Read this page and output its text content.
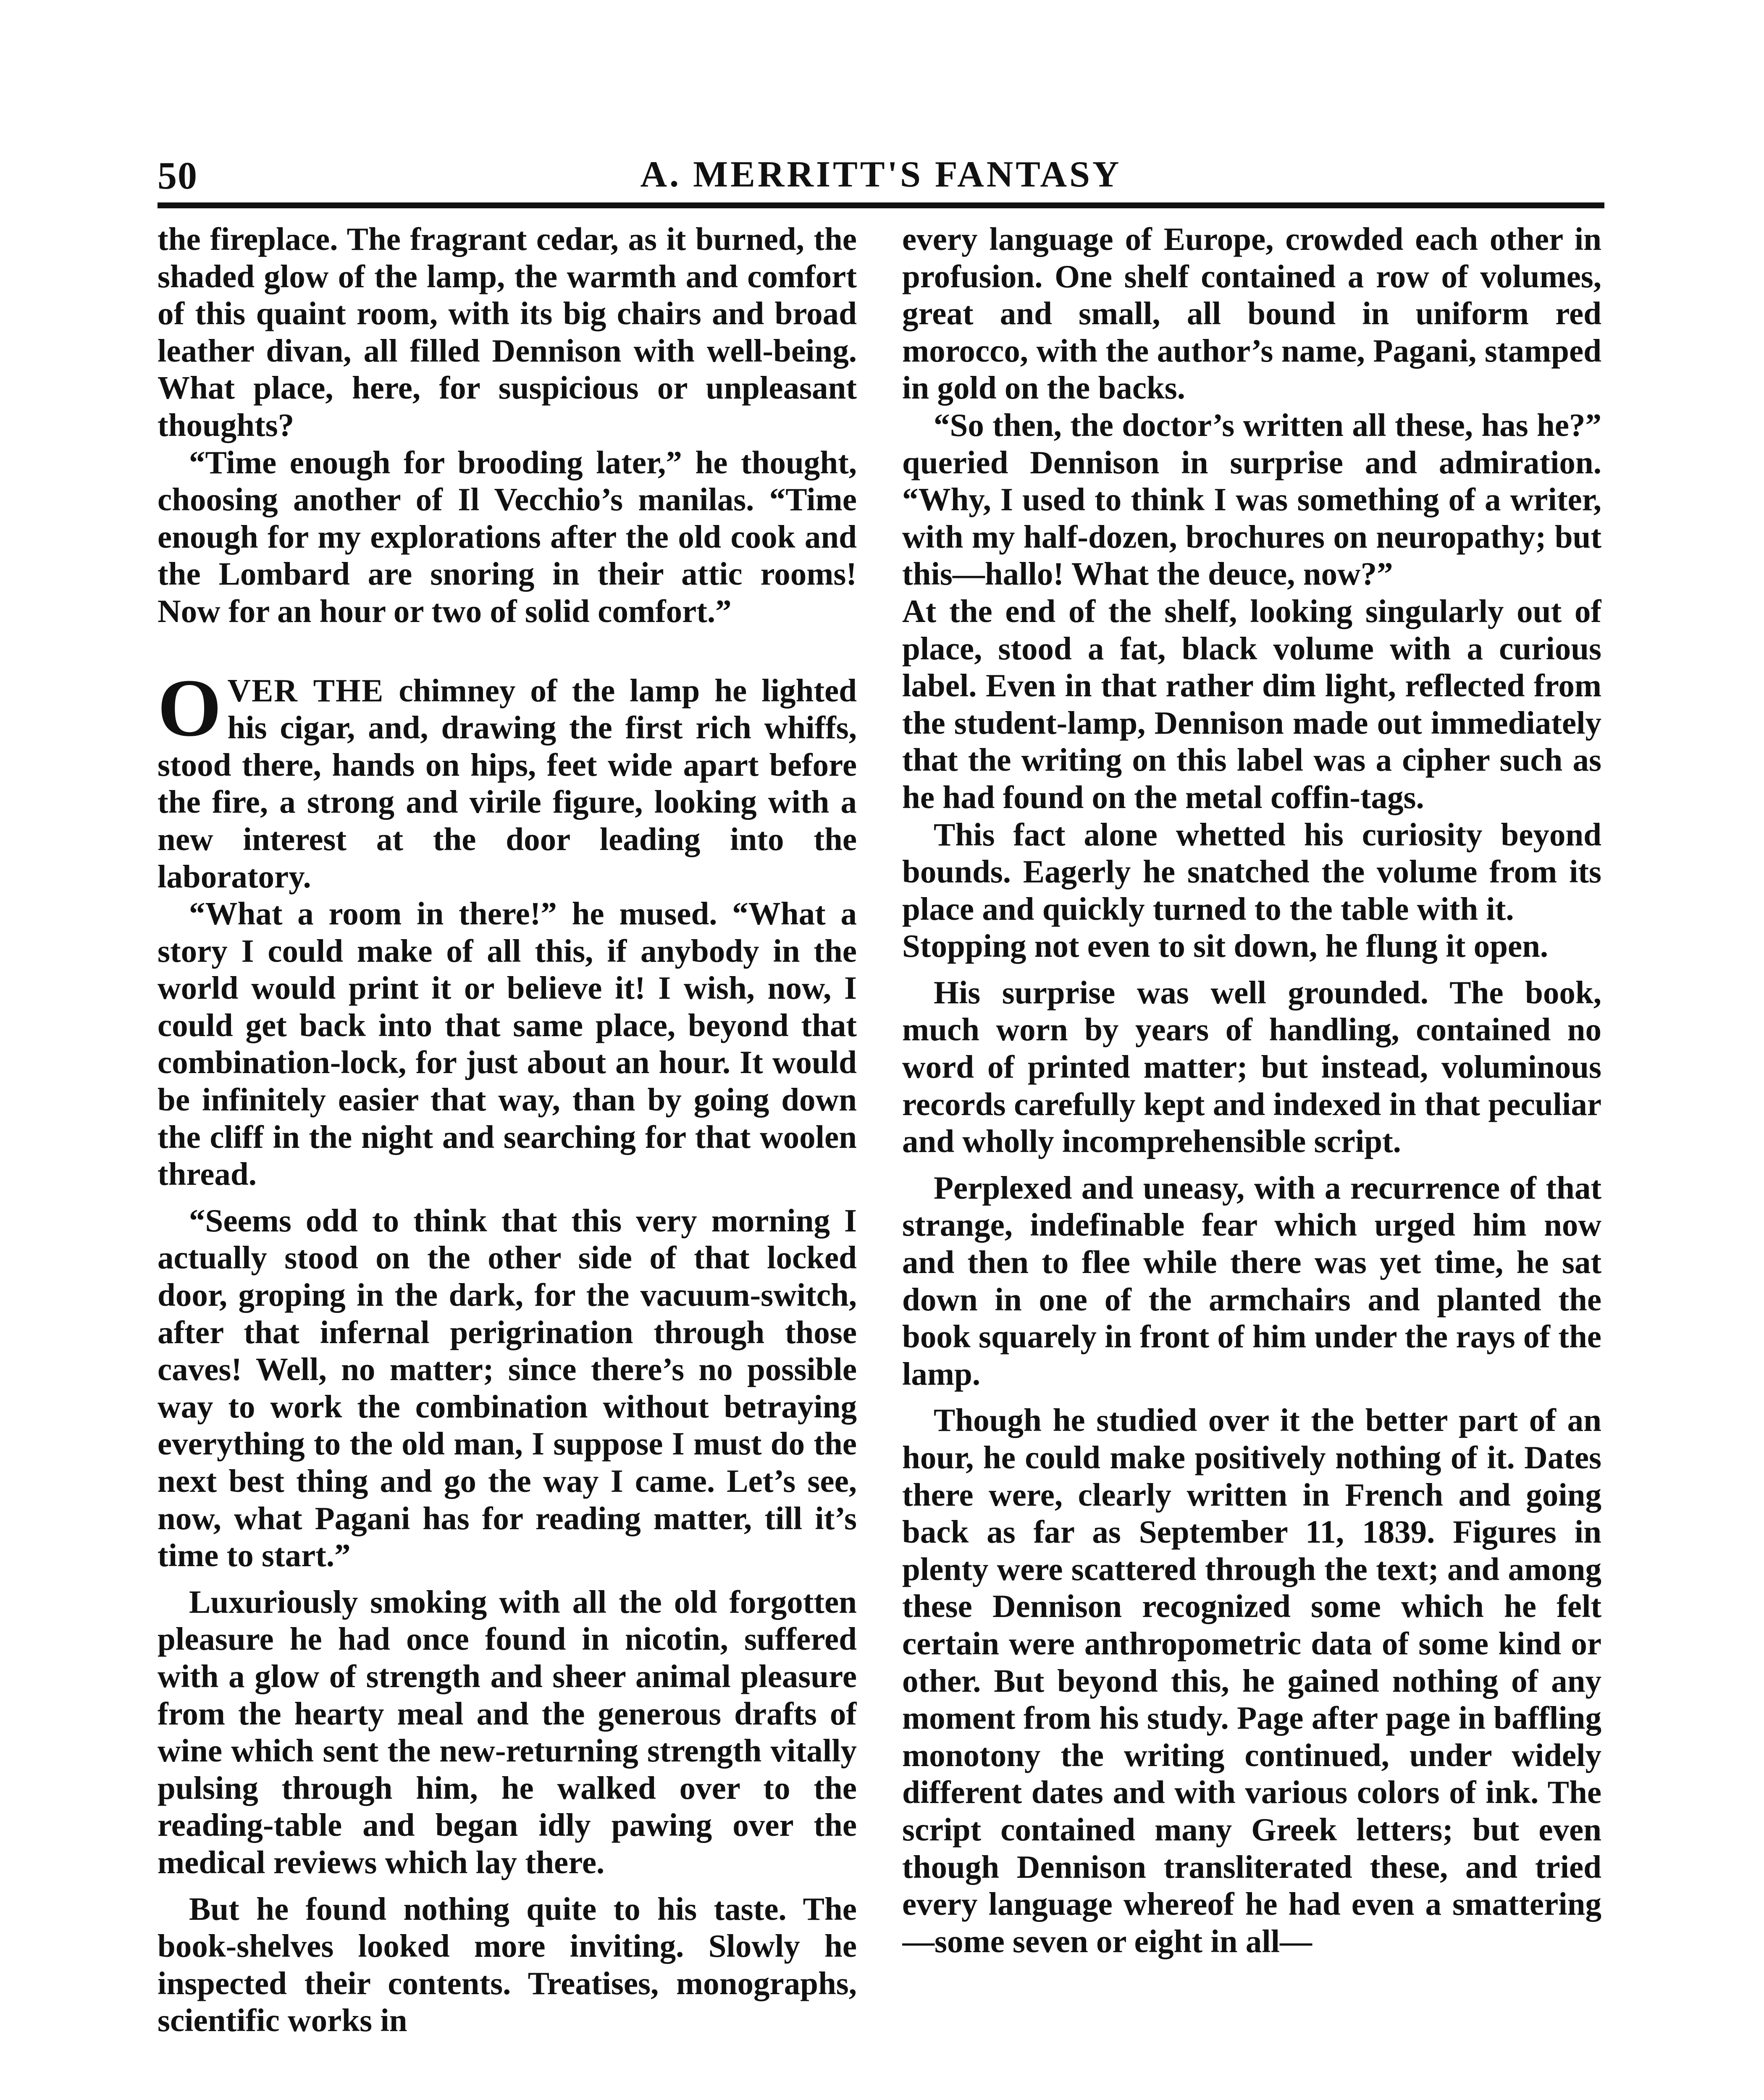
50	A. MERRITT'S FANTASY

the fireplace. The fragrant cedar, as it burned, the shaded glow of the lamp, the warmth and comfort of this quaint room, with its big chairs and broad leather divan, all filled Dennison with well-being. What place, here, for suspicious or unpleasant thoughts?

“Time enough for brooding later,” he thought, choosing another of Il Vecchio’s manilas. “Time enough for my explorations after the old cook and the Lombard are snoring in their attic rooms! Now for an hour or two of solid comfort.”

OVER THE chimney of the lamp he lighted his cigar, and, drawing the first rich whiffs, stood there, hands on hips, feet wide apart before the fire, a strong and virile figure, looking with a new interest at the door leading into the laboratory.

“What a room in there!” he mused. “What a story I could make of all this, if anybody in the world would print it or believe it! I wish, now, I could get back into that same place, beyond that combination-lock, for just about an hour. It would be infinitely easier that way, than by going down the cliff in the night and searching for that woolen thread.

“Seems odd to think that this very morning I actually stood on the other side of that locked door, groping in the dark, for the vacuum-switch, after that infernal perigrination through those caves! Well, no matter; since there’s no possible way to work the combination without betraying everything to the old man, I suppose I must do the next best thing and go the way I came. Let’s see, now, what Pagani has for reading matter, till it’s time to start.”

Luxuriously smoking with all the old forgotten pleasure he had once found in nicotin, suffered with a glow of strength and sheer animal pleasure from the hearty meal and the generous drafts of wine which sent the new-returning strength vitally pulsing through him, he walked over to the reading-table and began idly pawing over the medical reviews which lay there.

But he found nothing quite to his taste. The book-shelves looked more inviting. Slowly he inspected their contents. Treatises, monographs, scientific works in

every language of Europe, crowded each other in profusion. One shelf contained a row of volumes, great and small, all bound in uniform red morocco, with the author’s name, Pagani, stamped in gold on the backs.

“So then, the doctor’s written all these, has he?” queried Dennison in surprise and admiration. “Why, I used to think I was something of a writer, with my half-dozen, brochures on neuropathy; but this—hallo! What the deuce, now?”

At the end of the shelf, looking singularly out of place, stood a fat, black volume with a curious label. Even in that rather dim light, reflected from the student-lamp, Dennison made out immediately that the writing on this label was a cipher such as he had found on the metal coffin-tags.

This fact alone whetted his curiosity beyond bounds. Eagerly he snatched the volume from its place and quickly turned to the table with it.

Stopping not even to sit down, he flung it open.

His surprise was well grounded. The book, much worn by years of handling, contained no word of printed matter; but instead, voluminous records carefully kept and indexed in that peculiar and wholly incomprehensible script.

Perplexed and uneasy, with a recurrence of that strange, indefinable fear which urged him now and then to flee while there was yet time, he sat down in one of the armchairs and planted the book squarely in front of him under the rays of the lamp.

Though he studied over it the better part of an hour, he could make positively nothing of it. Dates there were, clearly written in French and going back as far as September 11, 1839. Figures in plenty were scattered through the text; and among these Dennison recognized some which he felt certain were anthropometric data of some kind or other. But beyond this, he gained nothing of any moment from his study. Page after page in baffling monotony the writing continued, under widely different dates and with various colors of ink. The script contained many Greek letters; but even though Dennison transliterated these, and tried every language whereof he had even a smattering—some seven or eight in all—
